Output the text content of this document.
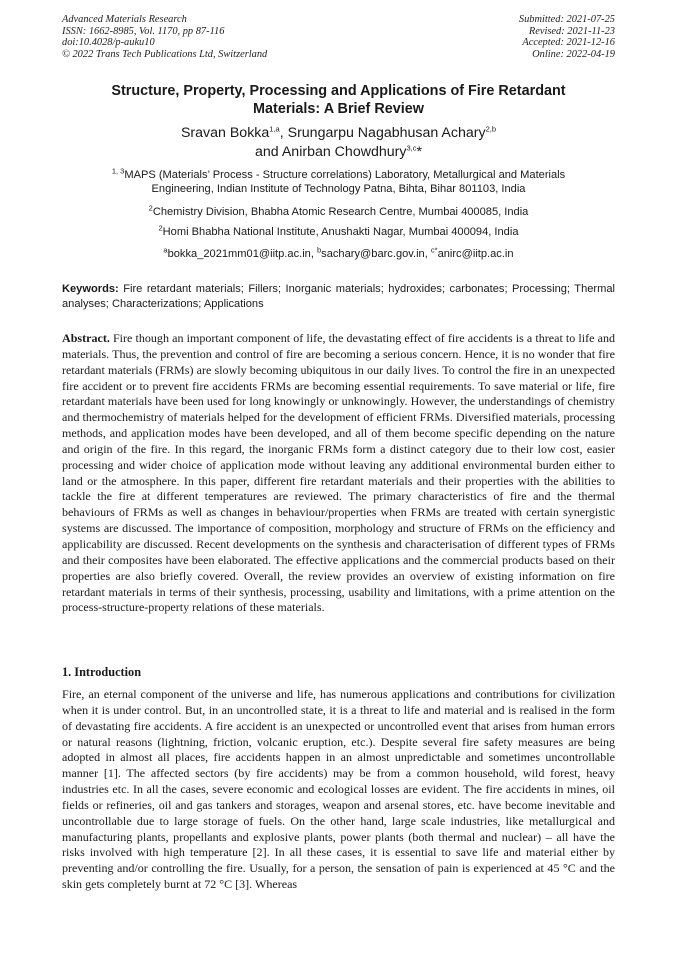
Advanced Materials Research
ISSN: 1662-8985, Vol. 1170, pp 87-116
doi:10.4028/p-auku10
© 2022 Trans Tech Publications Ltd, Switzerland
Submitted: 2021-07-25
Revised: 2021-11-23
Accepted: 2021-12-16
Online: 2022-04-19
Structure, Property, Processing and Applications of Fire Retardant
Materials: A Brief Review
Sravan Bokka$^{1,a}$, Srungarpu Nagabhusan Achary$^{2,b}$
and Anirban Chowdhury$^{3,c}$*
$^{1, 3}$MAPS (Materials’ Process - Structure correlations) Laboratory, Metallurgical and Materials
Engineering, Indian Institute of Technology Patna, Bihta, Bihar 801103, India
$^2$Chemistry Division, Bhabha Atomic Research Centre, Mumbai 400085, India
$^2$Homi Bhabha National Institute, Anushakti Nagar, Mumbai 400094, India
$^a$bokka_2021mm01@iitp.ac.in, $^b$sachary@barc.gov.in, $^{c*}$anirc@iitp.ac.in
Keywords: Fire retardant materials; Fillers; Inorganic materials; hydroxides; carbonates; Processing; Thermal analyses; Characterizations; Applications
Abstract. Fire though an important component of life, the devastating effect of fire accidents is a threat to life and materials. Thus, the prevention and control of fire are becoming a serious concern. Hence, it is no wonder that fire retardant materials (FRMs) are slowly becoming ubiquitous in our daily lives. To control the fire in an unexpected fire accident or to prevent fire accidents FRMs are becoming essential requirements. To save material or life, fire retardant materials have been used for long knowingly or unknowingly. However, the understandings of chemistry and thermochemistry of materials helped for the development of efficient FRMs. Diversified materials, processing methods, and application modes have been developed, and all of them become specific depending on the nature and origin of the fire. In this regard, the inorganic FRMs form a distinct category due to their low cost, easier processing and wider choice of application mode without leaving any additional environmental burden either to land or the atmosphere. In this paper, different fire retardant materials and their properties with the abilities to tackle the fire at different temperatures are reviewed. The primary characteristics of fire and the thermal behaviours of FRMs as well as changes in behaviour/properties when FRMs are treated with certain synergistic systems are discussed. The importance of composition, morphology and structure of FRMs on the efficiency and applicability are discussed. Recent developments on the synthesis and characterisation of different types of FRMs and their composites have been elaborated. The effective applications and the commercial products based on their properties are also briefly covered. Overall, the review provides an overview of existing information on fire retardant materials in terms of their synthesis, processing, usability and limitations, with a prime attention on the process-structure-property relations of these materials.
1. Introduction
Fire, an eternal component of the universe and life, has numerous applications and contributions for civilization when it is under control. But, in an uncontrolled state, it is a threat to life and material and is realised in the form of devastating fire accidents. A fire accident is an unexpected or uncontrolled event that arises from human errors or natural reasons (lightning, friction, volcanic eruption, etc.). Despite several fire safety measures are being adopted in almost all places, fire accidents happen in an almost unpredictable and sometimes uncontrollable manner [1]. The affected sectors (by fire accidents) may be from a common household, wild forest, heavy industries etc. In all the cases, severe economic and ecological losses are evident. The fire accidents in mines, oil fields or refineries, oil and gas tankers and storages, weapon and arsenal stores, etc. have become inevitable and uncontrollable due to large storage of fuels. On the other hand, large scale industries, like metallurgical and manufacturing plants, propellants and explosive plants, power plants (both thermal and nuclear) – all have the risks involved with high temperature [2]. In all these cases, it is essential to save life and material either by preventing and/or controlling the fire. Usually, for a person, the sensation of pain is experienced at 45 °C and the skin gets completely burnt at 72 °C [3]. Whereas
